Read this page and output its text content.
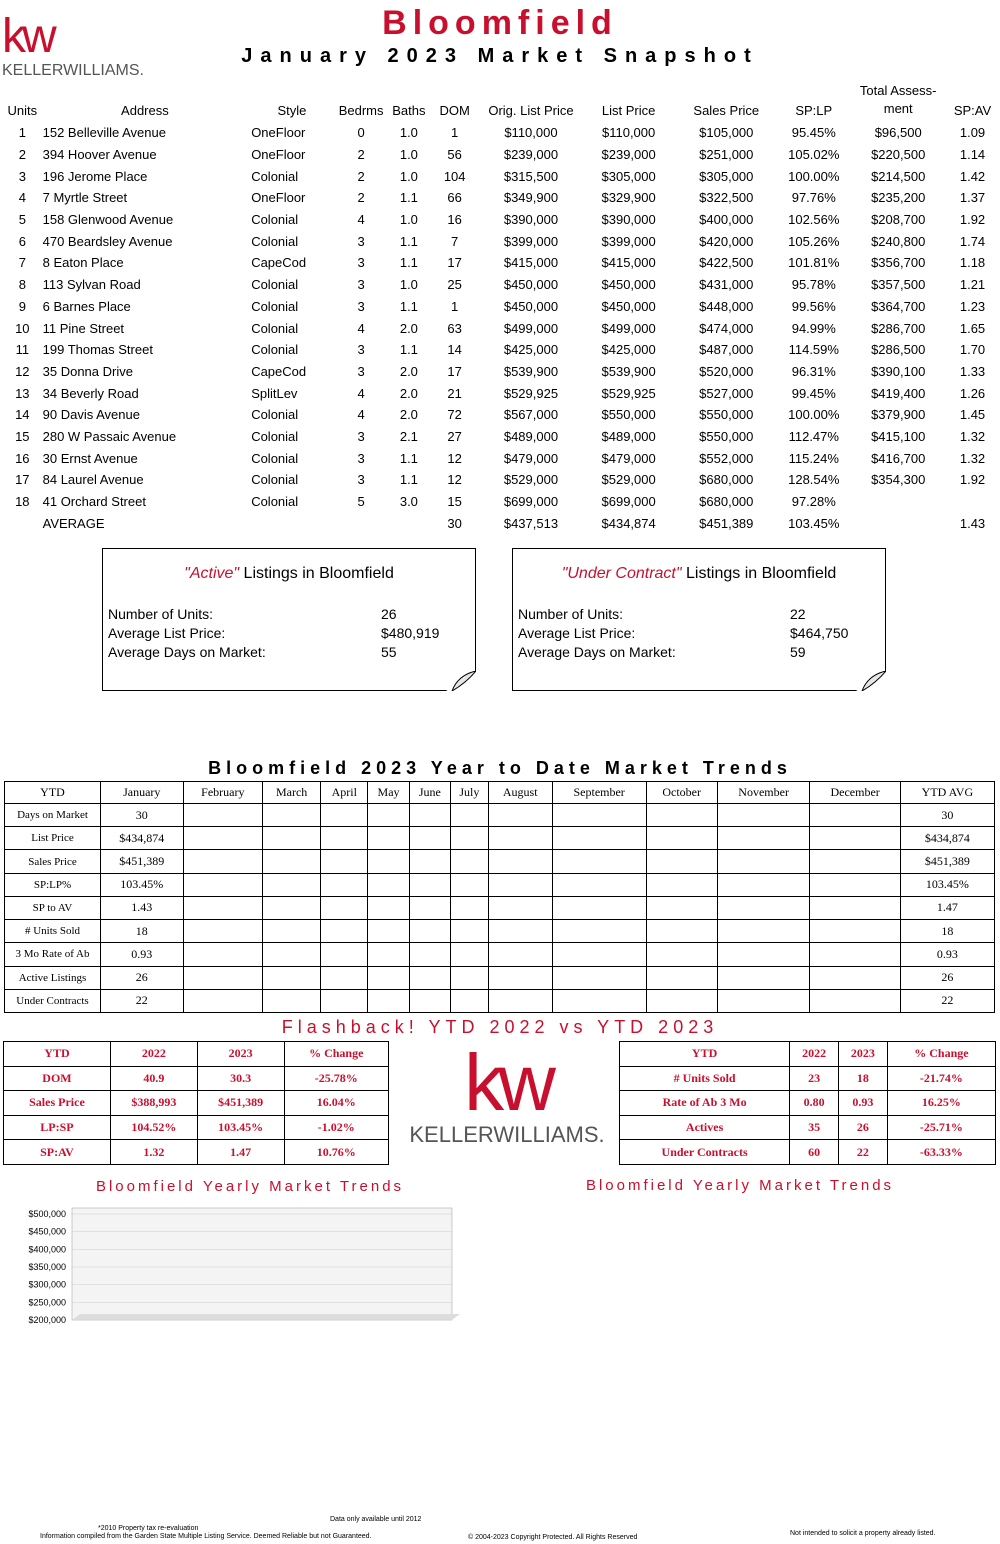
kw
KELLERWILLIAMS.
Bloomfield
January 2023 Market Snapshot
Units	Address	Style	Bedrms	Baths	DOM	Orig. List Price	List Price	Sales Price	SP:LP	Total Assess-ment	SP:AV
1	152 Belleville Avenue	OneFloor	0	1.0	1	$110,000	$110,000	$105,000	95.45%	$96,500	1.09
2	394 Hoover Avenue	OneFloor	2	1.0	56	$239,000	$239,000	$251,000	105.02%	$220,500	1.14
3	196 Jerome Place	Colonial	2	1.0	104	$315,500	$305,000	$305,000	100.00%	$214,500	1.42
4	7 Myrtle Street	OneFloor	2	1.1	66	$349,900	$329,900	$322,500	97.76%	$235,200	1.37
5	158 Glenwood Avenue	Colonial	4	1.0	16	$390,000	$390,000	$400,000	102.56%	$208,700	1.92
6	470 Beardsley Avenue	Colonial	3	1.1	7	$399,000	$399,000	$420,000	105.26%	$240,800	1.74
7	8 Eaton Place	CapeCod	3	1.1	17	$415,000	$415,000	$422,500	101.81%	$356,700	1.18
8	113 Sylvan Road	Colonial	3	1.0	25	$450,000	$450,000	$431,000	95.78%	$357,500	1.21
9	6 Barnes Place	Colonial	3	1.1	1	$450,000	$450,000	$448,000	99.56%	$364,700	1.23
10	11 Pine Street	Colonial	4	2.0	63	$499,000	$499,000	$474,000	94.99%	$286,700	1.65
11	199 Thomas Street	Colonial	3	1.1	14	$425,000	$425,000	$487,000	114.59%	$286,500	1.70
12	35 Donna Drive	CapeCod	3	2.0	17	$539,900	$539,900	$520,000	96.31%	$390,100	1.33
13	34 Beverly Road	SplitLev	4	2.0	21	$529,925	$529,925	$527,000	99.45%	$419,400	1.26
14	90 Davis Avenue	Colonial	4	2.0	72	$567,000	$550,000	$550,000	100.00%	$379,900	1.45
15	280 W Passaic Avenue	Colonial	3	2.1	27	$489,000	$489,000	$550,000	112.47%	$415,100	1.32
16	30 Ernst Avenue	Colonial	3	1.1	12	$479,000	$479,000	$552,000	115.24%	$416,700	1.32
17	84 Laurel Avenue	Colonial	3	1.1	12	$529,000	$529,000	$680,000	128.54%	$354,300	1.92
18	41 Orchard Street	Colonial	5	3.0	15	$699,000	$699,000	$680,000	97.28%		
	AVERAGE				30	$437,513	$434,874	$451,389	103.45%		1.43
"Active" Listings in Bloomfield
Number of Units:	26
Average List Price:	$480,919
Average Days on Market:	55
"Under Contract" Listings in Bloomfield
Number of Units:	22
Average List Price:	$464,750
Average Days on Market:	59
Bloomfield 2023 Year to Date Market Trends
YTD	January	February	March	April	May	June	July	August	September	October	November	December	YTD AVG
Days on Market	30												30
List Price	$434,874												$434,874
Sales Price	$451,389												$451,389
SP:LP%	103.45%												103.45%
SP to AV	1.43												1.47
# Units Sold	18												18
3 Mo Rate of Ab	0.93												0.93
Active Listings	26												26
Under Contracts	22												22
Flashback! YTD 2022 vs YTD 2023
YTD	2022	2023	% Change
DOM	40.9	30.3	-25.78%
Sales Price	$388,993	$451,389	16.04%
LP:SP	104.52%	103.45%	-1.02%
SP:AV	1.32	1.47	10.76%
YTD	2022	2023	% Change
# Units Sold	23	18	-21.74%
Rate of Ab 3 Mo	0.80	0.93	16.25%
Actives	35	26	-25.71%
Under Contracts	60	22	-63.33%
kw
KELLERWILLIAMS.
Bloomfield Yearly Market Trends	Bloomfield Yearly Market Trends
$200,000
$250,000
$300,000
$350,000
$400,000
$450,000
$500,000
*2010 Property tax re-evaluation
Information compiled from the Garden State Multiple Listing Service. Deemed Reliable but not Guaranteed.
Data only available until 2012
© 2004-2023 Copyright Protected. All Rights Reserved
Not intended to solicit a property already listed.
